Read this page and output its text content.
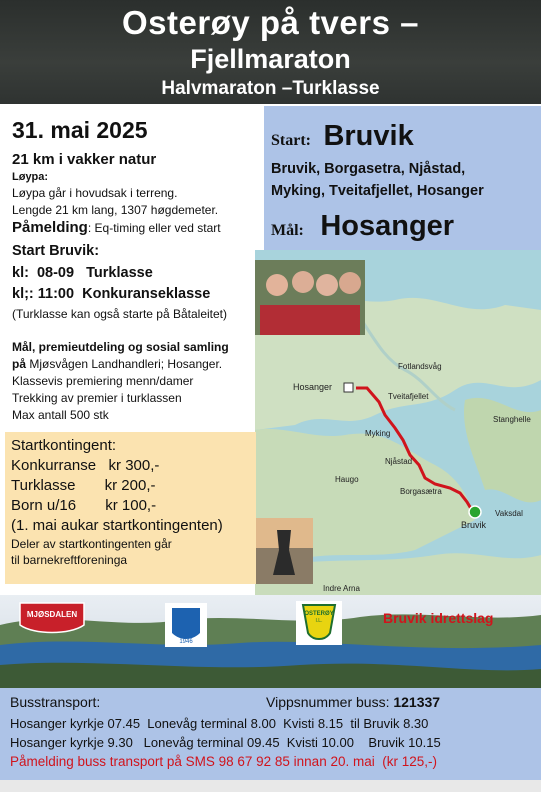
Osterøy på tvers –
Fjellmaraton
Halvmaraton –Turklasse
31. mai 2025
21 km i vakker natur
Løypa:
Løypa går i hovudsak i terreng.
Lengde 21 km lang, 1307 høgdemeter.
Påmelding: Eq-timing eller ved start
Start Bruvik:
kl:  08-09   Turklasse
kl;: 11:00  Konkuranseklasse
(Turklasse kan også starte på Båtaleitet)
Mål, premieutdeling og sosial samling
på Mjøsvågen Landhandleri; Hosanger.
Klassevis premiering menn/damer
Trekking av premier i turklassen
Max antall 500 stk
Start: Bruvik
Bruvik, Borgasetra, Njåstad,
Myking, Tveitafjellet, Hosanger
Mål: Hosanger
Fotlandsvåg
Hosanger
Tveitafjellet
Myking
Stanghelle
Njåstad
Haugo
Borgasætra
Vaksdal
Bruvik
Indre Arna
Startkontingent:
Konkurranse   kr 300,-
Turklasse       kr 200,-
Born u/16       kr 100,-
(1. mai aukar startkontingenten)
Deler av startkontingenten går
til barnekreftforeninga
MJØSDALEN
1946
OSTERØY
I.L.	Bruvik idrettslag
Busstransport:	Vippsnummer buss: 121337
Hosanger kyrkje 07.45  Lonevåg terminal 8.00  Kvisti 8.15  til Bruvik 8.30
Hosanger kyrkje 9.30   Lonevåg terminal 09.45  Kvisti 10.00    Bruvik 10.15
Påmelding buss transport på SMS 98 67 92 85 innan 20. mai  (kr 125,-)
